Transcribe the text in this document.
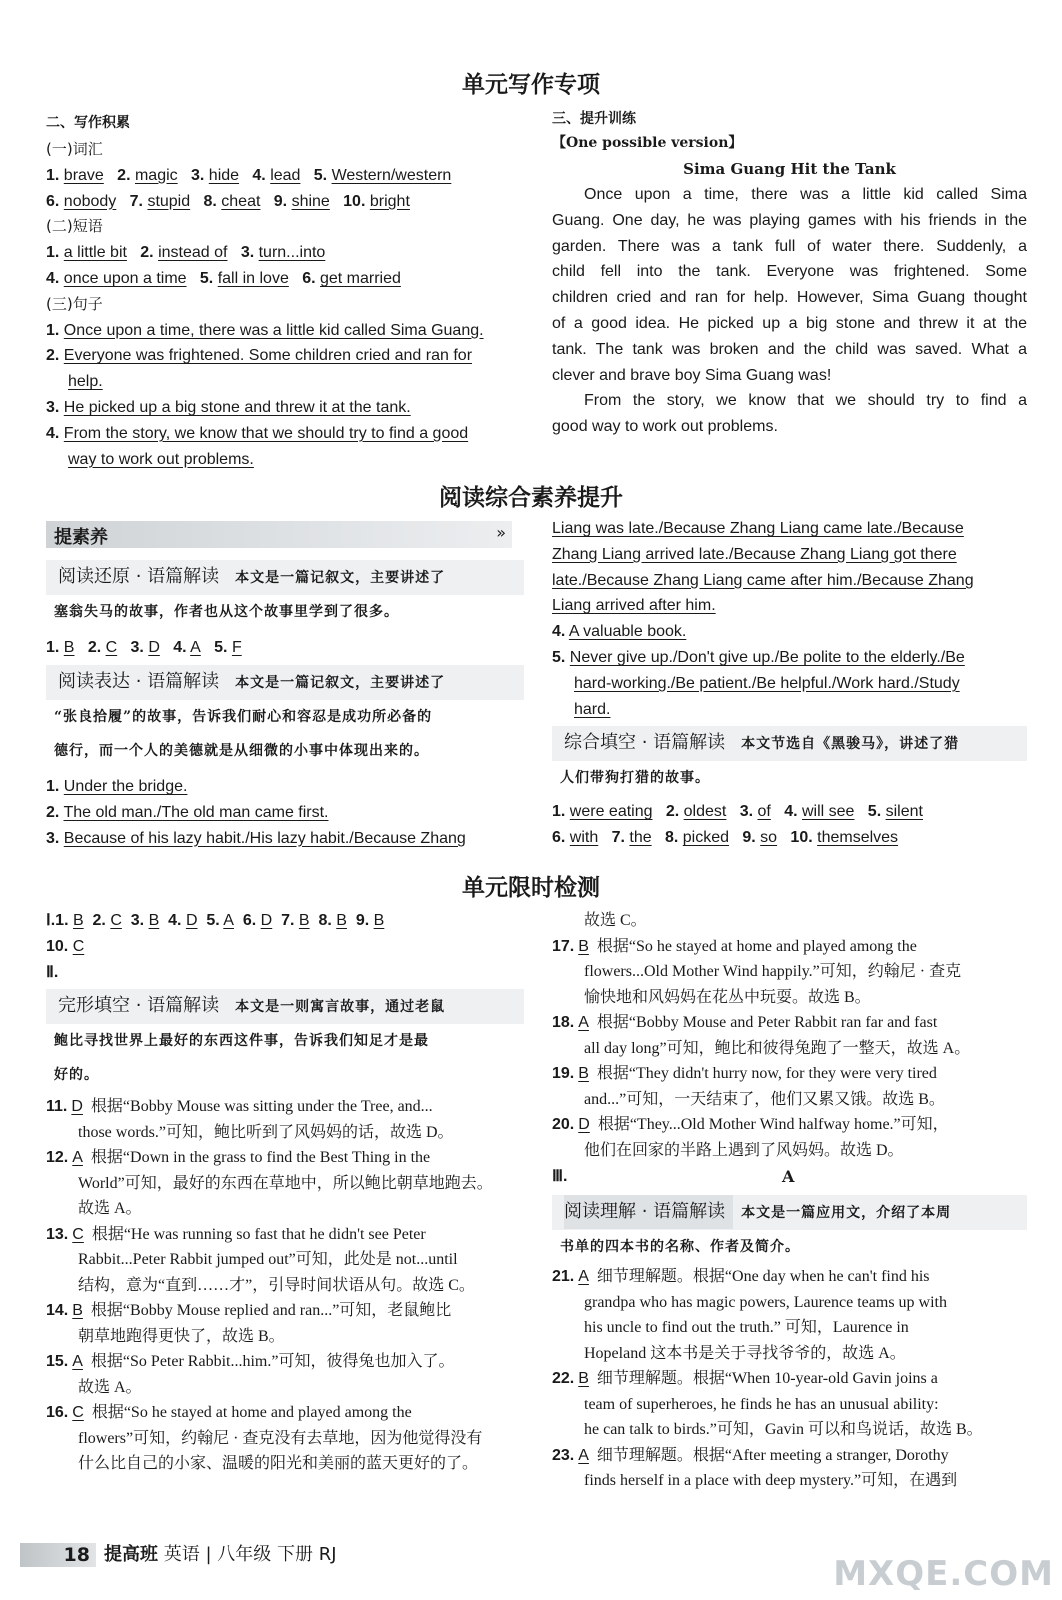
单元写作专项
二、写作积累
(一)词汇
1. brave 2. magic 3. hide 4. lead 5. Western/western
6. nobody 7. stupid 8. cheat 9. shine 10. bright
(二)短语
1. a little bit 2. instead of 3. turn...into
4. once upon a time 5. fall in love 6. get married
(三)句子
1. Once upon a time, there was a little kid called Sima Guang.
2. Everyone was frightened. Some children cried and ran for
help.
3. He picked up a big stone and threw it at the tank.
4. From the story, we know that we should try to find a good
way to work out problems.
三、提升训练
【One possible version】
Sima Guang Hit the Tank
Once upon a time, there was a little kid called Sima
Guang. One day, he was playing games with his friends in the
garden. There was a tank full of water there. Suddenly, a
child fell into the tank. Everyone was frightened. Some
children cried and ran for help. However, Sima Guang thought
of a good idea. He picked up a big stone and threw it at the
tank. The tank was broken and the child was saved. What a
clever and brave boy Sima Guang was!
From the story, we know that we should try to find a
good way to work out problems.
阅读综合素养提升
提素养	»
阅读还原 · 语篇解读 本文是一篇记叙文，主要讲述了
塞翁失马的故事，作者也从这个故事里学到了很多。
1. B 2. C 3. D 4. A 5. F
阅读表达 · 语篇解读 本文是一篇记叙文，主要讲述了
“张良拾履”的故事，告诉我们耐心和容忍是成功所必备的
德行，而一个人的美德就是从细微的小事中体现出来的。
1. Under the bridge.
2. The old man./The old man came first.
3. Because of his lazy habit./His lazy habit./Because Zhang
Liang was late./Because Zhang Liang came late./Because
Zhang Liang arrived late./Because Zhang Liang got there
late./Because Zhang Liang came after him./Because Zhang
Liang arrived after him.
4. A valuable book.
5. Never give up./Don't give up./Be polite to the elderly./Be
hard-working./Be patient./Be helpful./Work hard./Study
hard.
综合填空 · 语篇解读 本文节选自《黑骏马》，讲述了猎
人们带狗打猎的故事。
1. were eating 2. oldest 3. of 4. will see 5. silent
6. with 7. the 8. picked 9. so 10. themselves
单元限时检测
Ⅰ.1. B 2. C 3. B 4. D 5. A 6. D 7. B 8. B 9. B
10. C
Ⅱ.
完形填空 · 语篇解读 本文是一则寓言故事，通过老鼠
鲍比寻找世界上最好的东西这件事，告诉我们知足才是最
好的。
11. D 根据“Bobby Mouse was sitting under the Tree, and...
those words.”可知，鲍比听到了风妈妈的话，故选 D。
12. A 根据“Down in the grass to find the Best Thing in the
World”可知，最好的东西在草地中，所以鲍比朝草地跑去。
故选 A。
13. C 根据“He was running so fast that he didn't see Peter
Rabbit...Peter Rabbit jumped out”可知，此处是 not...until
结构，意为“直到……才”，引导时间状语从句。故选 C。
14. B 根据“Bobby Mouse replied and ran...”可知，老鼠鲍比
朝草地跑得更快了，故选 B。
15. A 根据“So Peter Rabbit...him.”可知，彼得兔也加入了。
故选 A。
16. C 根据“So he stayed at home and played among the
flowers”可知，约翰尼 · 查克没有去草地，因为他觉得没有
什么比自己的小家、温暖的阳光和美丽的蓝天更好的了。
故选 C。
17. B 根据“So he stayed at home and played among the
flowers...Old Mother Wind happily.”可知，约翰尼 · 查克
愉快地和风妈妈在花丛中玩耍。故选 B。
18. A 根据“Bobby Mouse and Peter Rabbit ran far and fast
all day long”可知，鲍比和彼得兔跑了一整天，故选 A。
19. B 根据“They didn't hurry now, for they were very tired
and...”可知，一天结束了，他们又累又饿。故选 B。
20. D 根据“They...Old Mother Wind halfway home.”可知，
他们在回家的半路上遇到了风妈妈。故选 D。
Ⅲ.	A
阅读理解 · 语篇解读 本文是一篇应用文，介绍了本周
书单的四本书的名称、作者及简介。
21. A 细节理解题。根据“One day when he can't find his
grandpa who has magic powers, Laurence teams up with
his uncle to find out the truth.” 可知，Laurence in
Hopeland 这本书是关于寻找爷爷的，故选 A。
22. B 细节理解题。根据“When 10-year-old Gavin joins a
team of superheroes, he finds he has an unusual ability:
he can talk to birds.”可知，Gavin 可以和鸟说话，故选 B。
23. A 细节理解题。根据“After meeting a stranger, Dorothy
finds herself in a place with deep mystery.”可知，在遇到
18 提高班 英语 | 八年级 下册 RJ	MXQE.COM
